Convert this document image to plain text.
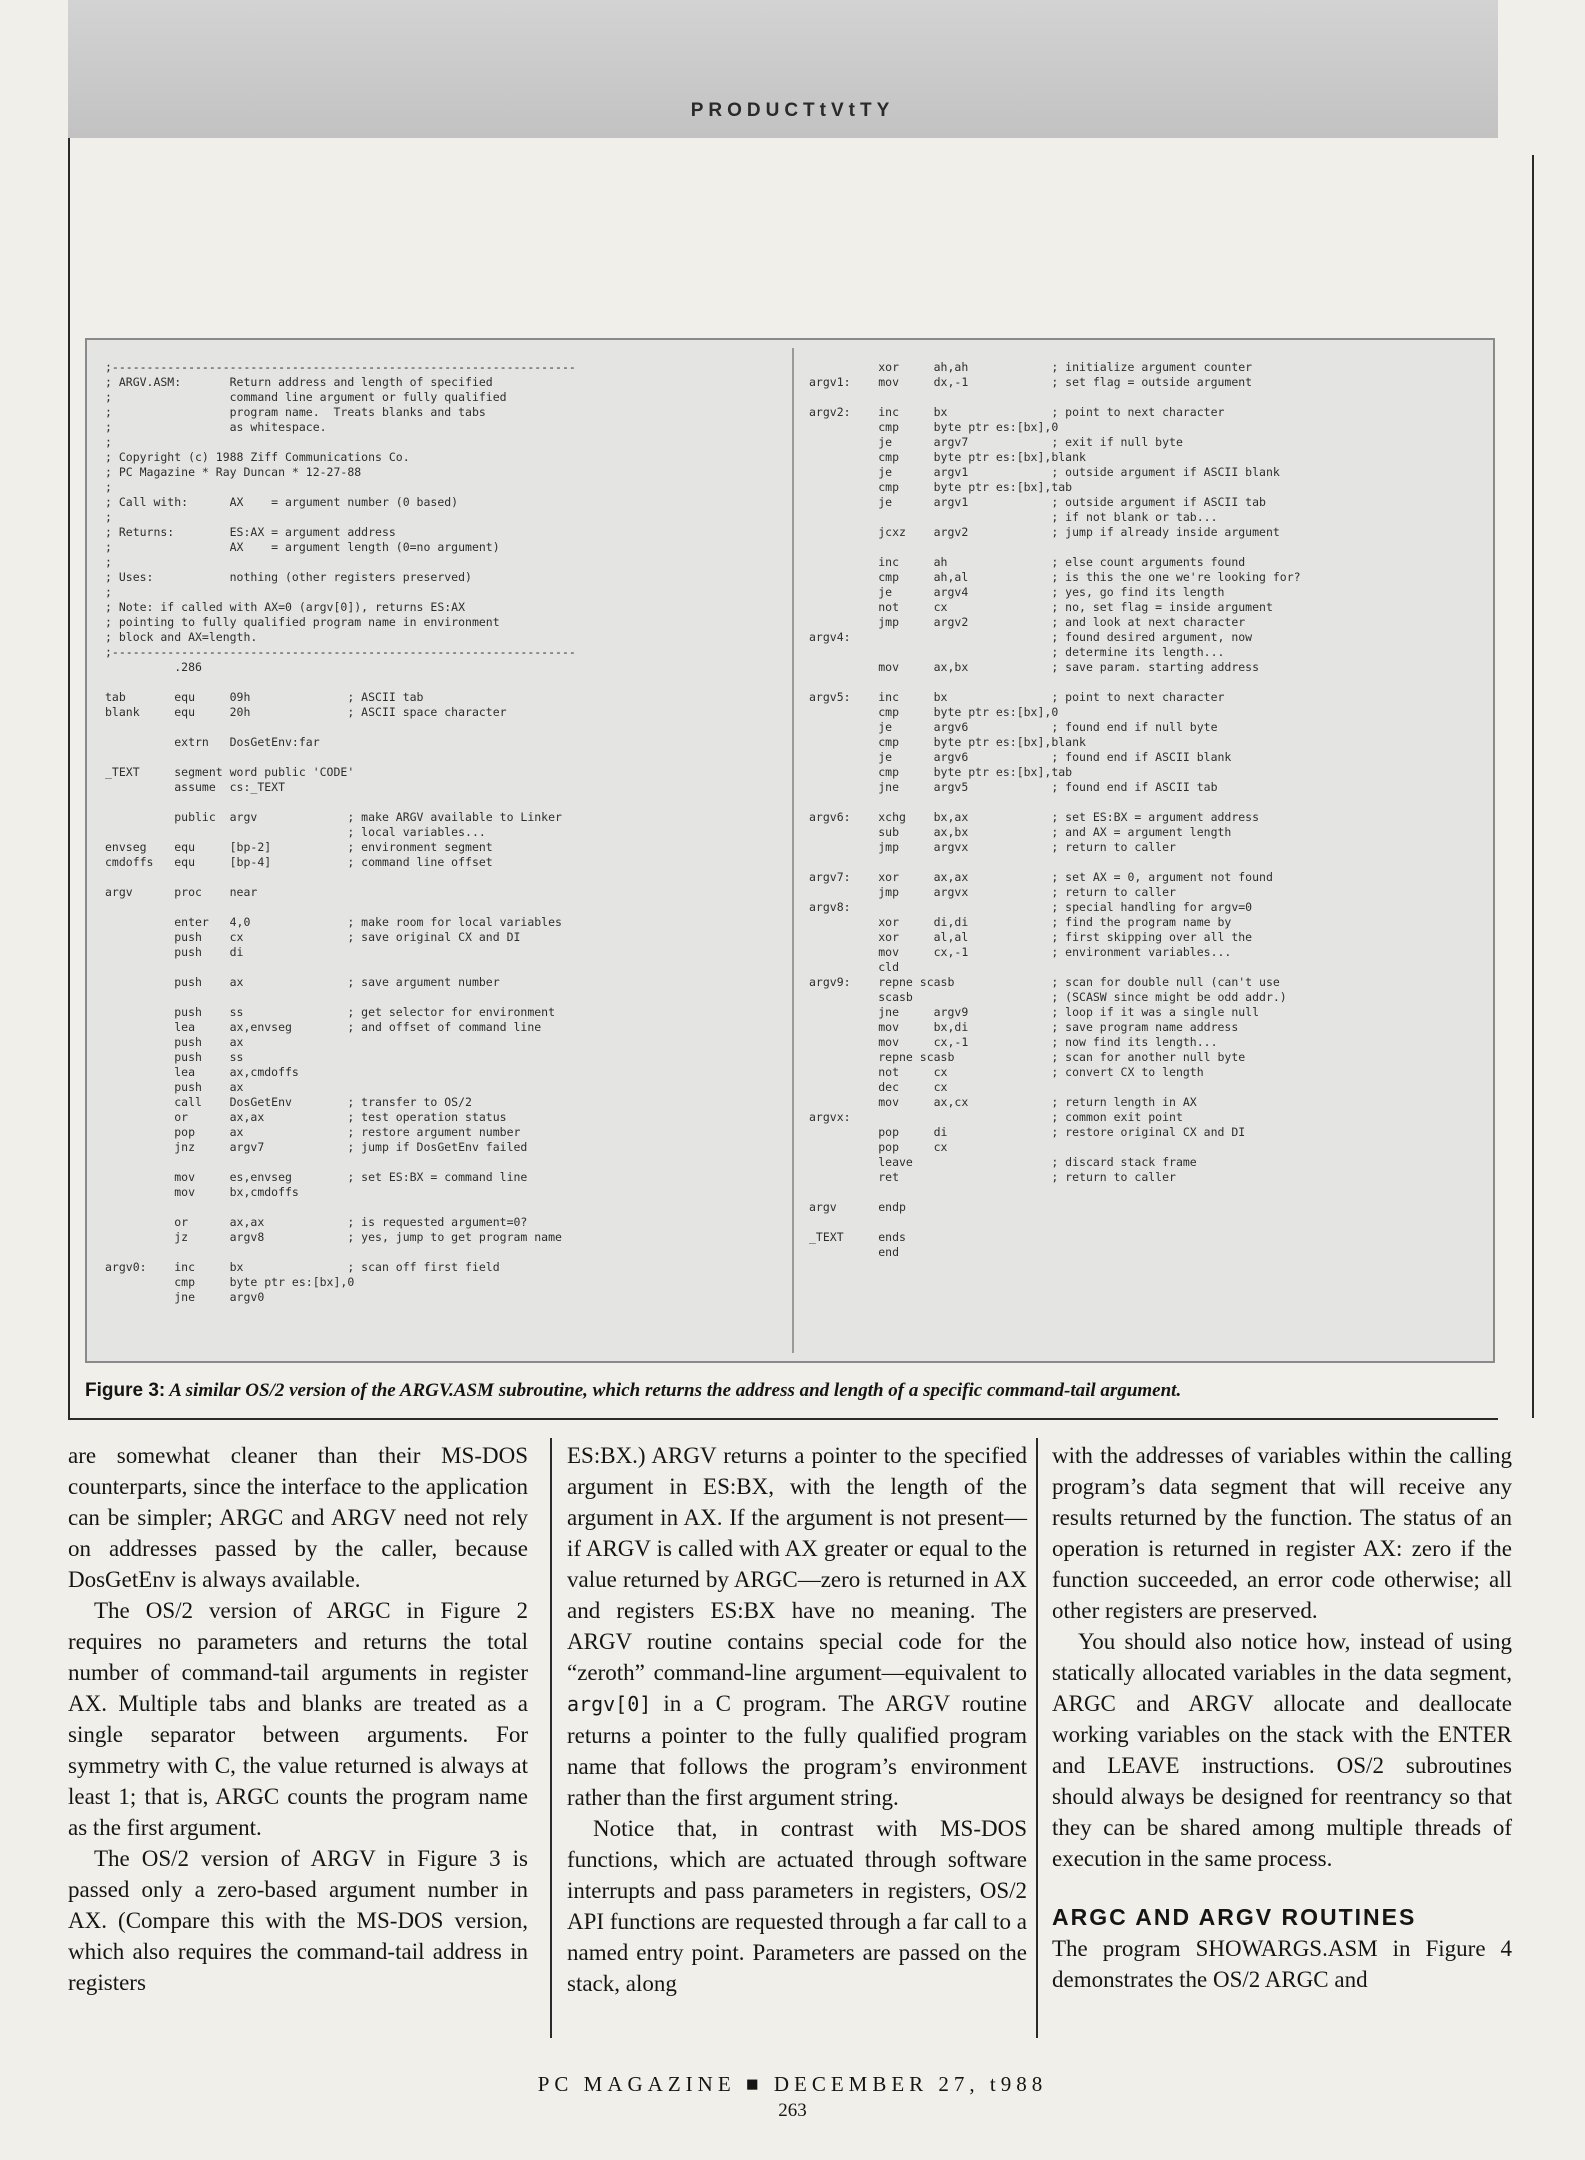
PRODUCTtVtTY
;-------------------------------------------------------------------
; ARGV.ASM:       Return address and length of specified
;                 command line argument or fully qualified
;                 program name.  Treats blanks and tabs
;                 as whitespace.
;
; Copyright (c) 1988 Ziff Communications Co.
; PC Magazine * Ray Duncan * 12-27-88
;
; Call with:      AX    = argument number (0 based)
;
; Returns:        ES:AX = argument address
;                 AX    = argument length (0=no argument)
;
; Uses:           nothing (other registers preserved)
;
; Note: if called with AX=0 (argv[0]), returns ES:AX
; pointing to fully qualified program name in environment
; block and AX=length.
;-------------------------------------------------------------------
.286

tab       equ     09h              ; ASCII tab
blank     equ     20h              ; ASCII space character

extrn   DosGetEnv:far

_TEXT     segment word public 'CODE'
assume  cs:_TEXT

public  argv             ; make ARGV available to Linker
; local variables...
envseg    equ     [bp-2]           ; environment segment
cmdoffs   equ     [bp-4]           ; command line offset

argv      proc    near

enter   4,0              ; make room for local variables
push    cx               ; save original CX and DI
push    di

push    ax               ; save argument number

push    ss               ; get selector for environment
lea     ax,envseg        ; and offset of command line
push    ax
push    ss
lea     ax,cmdoffs
push    ax
call    DosGetEnv        ; transfer to OS/2
or      ax,ax            ; test operation status
pop     ax               ; restore argument number
jnz     argv7            ; jump if DosGetEnv failed

mov     es,envseg        ; set ES:BX = command line
mov     bx,cmdoffs

or      ax,ax            ; is requested argument=0?
jz      argv8            ; yes, jump to get program name

argv0:    inc     bx               ; scan off first field
cmp     byte ptr es:[bx],0
jne     argv0
xor     ah,ah            ; initialize argument counter
argv1:    mov     dx,-1            ; set flag = outside argument

argv2:    inc     bx               ; point to next character
cmp     byte ptr es:[bx],0
je      argv7            ; exit if null byte
cmp     byte ptr es:[bx],blank
je      argv1            ; outside argument if ASCII blank
cmp     byte ptr es:[bx],tab
je      argv1            ; outside argument if ASCII tab
; if not blank or tab...
jcxz    argv2            ; jump if already inside argument

inc     ah               ; else count arguments found
cmp     ah,al            ; is this the one we're looking for?
je      argv4            ; yes, go find its length
not     cx               ; no, set flag = inside argument
jmp     argv2            ; and look at next character
argv4:                             ; found desired argument, now
; determine its length...
mov     ax,bx            ; save param. starting address

argv5:    inc     bx               ; point to next character
cmp     byte ptr es:[bx],0
je      argv6            ; found end if null byte
cmp     byte ptr es:[bx],blank
je      argv6            ; found end if ASCII blank
cmp     byte ptr es:[bx],tab
jne     argv5            ; found end if ASCII tab

argv6:    xchg    bx,ax            ; set ES:BX = argument address
sub     ax,bx            ; and AX = argument length
jmp     argvx            ; return to caller

argv7:    xor     ax,ax            ; set AX = 0, argument not found
jmp     argvx            ; return to caller
argv8:                             ; special handling for argv=0
xor     di,di            ; find the program name by
xor     al,al            ; first skipping over all the
mov     cx,-1            ; environment variables...
cld
argv9:    repne scasb              ; scan for double null (can't use
scasb                    ; (SCASW since might be odd addr.)
jne     argv9            ; loop if it was a single null
mov     bx,di            ; save program name address
mov     cx,-1            ; now find its length...
repne scasb              ; scan for another null byte
not     cx               ; convert CX to length
dec     cx
mov     ax,cx            ; return length in AX
argvx:                             ; common exit point
pop     di               ; restore original CX and DI
pop     cx
leave                    ; discard stack frame
ret                      ; return to caller

argv      endp

_TEXT     ends
end
Figure 3: A similar OS/2 version of the ARGV.ASM subroutine, which returns the address and length of a specific command-tail argument.

are somewhat cleaner than their MS-DOS counterparts, since the interface to the application can be simpler; ARGC and ARGV need not rely on addresses passed by the caller, because DosGetEnv is always available.

The OS/2 version of ARGC in Figure 2 requires no parameters and returns the total number of command-tail arguments in register AX. Multiple tabs and blanks are treated as a single separator between arguments. For symmetry with C, the value returned is always at least 1; that is, ARGC counts the program name as the first argument.

The OS/2 version of ARGV in Figure 3 is passed only a zero-based argument number in AX. (Compare this with the MS-DOS version, which also requires the command-tail address in registers

ES:BX.) ARGV returns a pointer to the specified argument in ES:BX, with the length of the argument in AX. If the argument is not present—if ARGV is called with AX greater or equal to the value returned by ARGC—zero is returned in AX and registers ES:BX have no meaning. The ARGV routine contains special code for the “zeroth” command-line argument—equivalent to argv[0] in a C program. The ARGV routine returns a pointer to the fully qualified program name that follows the program’s environment rather than the first argument string.

Notice that, in contrast with MS-DOS functions, which are actuated through software interrupts and pass parameters in registers, OS/2 API functions are requested through a far call to a named entry point. Parameters are passed on the stack, along

with the addresses of variables within the calling program’s data segment that will receive any results returned by the function. The status of an operation is returned in register AX: zero if the function succeeded, an error code otherwise; all other registers are preserved.

You should also notice how, instead of using statically allocated variables in the data segment, ARGC and ARGV allocate and deallocate working variables on the stack with the ENTER and LEAVE instructions. OS/2 subroutines should always be designed for reentrancy so that they can be shared among multiple threads of execution in the same process.

ARGC AND ARGV ROUTINES

The program SHOWARGS.ASM in Figure 4 demonstrates the OS/2 ARGC and

PC MAGAZINE ■ DECEMBER 27, t988
263
